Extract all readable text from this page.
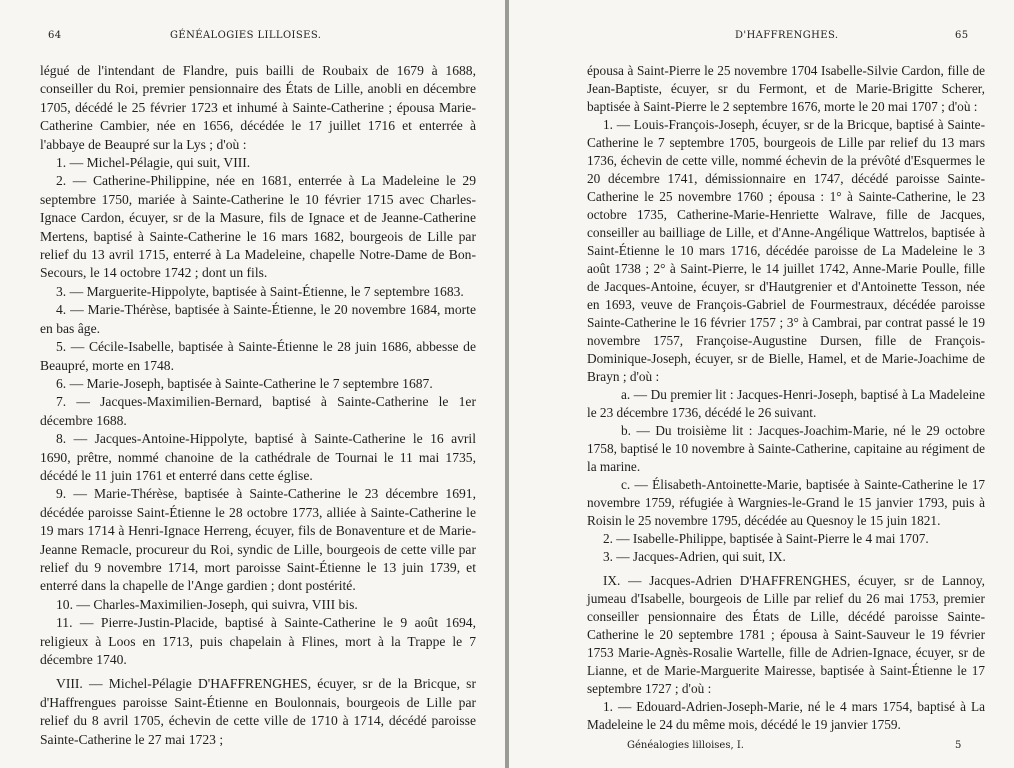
64	GÉNÉALOGIES LILLOISES.

légué de l'intendant de Flandre, puis bailli de Roubaix de 1679 à 1688, conseiller du Roi, premier pensionnaire des États de Lille, anobli en décembre 1705, décédé le 25 février 1723 et inhumé à Sainte-Catherine ; épousa Marie-Catherine Cambier, née en 1656, décédée le 17 juillet 1716 et enterrée à l'abbaye de Beaupré sur la Lys ; d'où :

1. — Michel-Pélagie, qui suit, VIII.

2. — Catherine-Philippine, née en 1681, enterrée à La Madeleine le 29 septembre 1750, mariée à Sainte-Catherine le 10 février 1715 avec Charles-Ignace Cardon, écuyer, sr de la Masure, fils de Ignace et de Jeanne-Catherine Mertens, baptisé à Sainte-Catherine le 16 mars 1682, bourgeois de Lille par relief du 13 avril 1715, enterré à La Madeleine, chapelle Notre-Dame de Bon-Secours, le 14 octobre 1742 ; dont un fils.

3. — Marguerite-Hippolyte, baptisée à Saint-Étienne, le 7 septembre 1683.

4. — Marie-Thérèse, baptisée à Sainte-Étienne, le 20 novembre 1684, morte en bas âge.

5. — Cécile-Isabelle, baptisée à Sainte-Étienne le 28 juin 1686, abbesse de Beaupré, morte en 1748.

6. — Marie-Joseph, baptisée à Sainte-Catherine le 7 septembre 1687.

7. — Jacques-Maximilien-Bernard, baptisé à Sainte-Catherine le 1er décembre 1688.

8. — Jacques-Antoine-Hippolyte, baptisé à Sainte-Catherine le 16 avril 1690, prêtre, nommé chanoine de la cathédrale de Tournai le 11 mai 1735, décédé le 11 juin 1761 et enterré dans cette église.

9. — Marie-Thérèse, baptisée à Sainte-Catherine le 23 décembre 1691, décédée paroisse Saint-Étienne le 28 octobre 1773, alliée à Sainte-Catherine le 19 mars 1714 à Henri-Ignace Herreng, écuyer, fils de Bonaventure et de Marie-Jeanne Remacle, procureur du Roi, syndic de Lille, bourgeois de cette ville par relief du 9 novembre 1714, mort paroisse Saint-Étienne le 13 juin 1739, et enterré dans la chapelle de l'Ange gardien ; dont postérité.

10. — Charles-Maximilien-Joseph, qui suivra, VIII bis.

11. — Pierre-Justin-Placide, baptisé à Sainte-Catherine le 9 août 1694, religieux à Loos en 1713, puis chapelain à Flines, mort à la Trappe le 7 décembre 1740.

VIII. — Michel-Pélagie D'HAFFRENGHES, écuyer, sr de la Bricque, sr d'Haffrengues paroisse Saint-Étienne en Boulonnais, bourgeois de Lille par relief du 8 avril 1705, échevin de cette ville de 1710 à 1714, décédé paroisse Sainte-Catherine le 27 mai 1723 ;

D'HAFFRENGHES.	65

épousa à Saint-Pierre le 25 novembre 1704 Isabelle-Silvie Cardon, fille de Jean-Baptiste, écuyer, sr du Fermont, et de Marie-Brigitte Scherer, baptisée à Saint-Pierre le 2 septembre 1676, morte le 20 mai 1707 ; d'où :

1. — Louis-François-Joseph, écuyer, sr de la Bricque, baptisé à Sainte-Catherine le 7 septembre 1705, bourgeois de Lille par relief du 13 mars 1736, échevin de cette ville, nommé échevin de la prévôté d'Esquermes le 20 décembre 1741, démissionnaire en 1747, décédé paroisse Sainte-Catherine le 25 novembre 1760 ; épousa : 1° à Sainte-Catherine, le 23 octobre 1735, Catherine-Marie-Henriette Walrave, fille de Jacques, conseiller au bailliage de Lille, et d'Anne-Angélique Wattrelos, baptisée à Saint-Étienne le 10 mars 1716, décédée paroisse de La Madeleine le 3 août 1738 ; 2° à Saint-Pierre, le 14 juillet 1742, Anne-Marie Poulle, fille de Jacques-Antoine, écuyer, sr d'Hautgrenier et d'Antoinette Tesson, née en 1693, veuve de François-Gabriel de Fourmestraux, décédée paroisse Sainte-Catherine le 16 février 1757 ; 3° à Cambrai, par contrat passé le 19 novembre 1757, Françoise-Augustine Dursen, fille de François-Dominique-Joseph, écuyer, sr de Bielle, Hamel, et de Marie-Joachime de Brayn ; d'où :

a. — Du premier lit : Jacques-Henri-Joseph, baptisé à La Madeleine le 23 décembre 1736, décédé le 26 suivant.

b. — Du troisième lit : Jacques-Joachim-Marie, né le 29 octobre 1758, baptisé le 10 novembre à Sainte-Catherine, capitaine au régiment de la marine.

c. — Élisabeth-Antoinette-Marie, baptisée à Sainte-Catherine le 17 novembre 1759, réfugiée à Wargnies-le-Grand le 15 janvier 1793, puis à Roisin le 25 novembre 1795, décédée au Quesnoy le 15 juin 1821.

2. — Isabelle-Philippe, baptisée à Saint-Pierre le 4 mai 1707.

3. — Jacques-Adrien, qui suit, IX.

IX. — Jacques-Adrien D'HAFFRENGHES, écuyer, sr de Lannoy, jumeau d'Isabelle, bourgeois de Lille par relief du 26 mai 1753, premier conseiller pensionnaire des États de Lille, décédé paroisse Sainte-Catherine le 20 septembre 1781 ; épousa à Saint-Sauveur le 19 février 1753 Marie-Agnès-Rosalie Wartelle, fille de Adrien-Ignace, écuyer, sr de Lianne, et de Marie-Marguerite Mairesse, baptisée à Saint-Étienne le 17 septembre 1727 ; d'où :

1. — Edouard-Adrien-Joseph-Marie, né le 4 mars 1754, baptisé à La Madeleine le 24 du même mois, décédé le 19 janvier 1759.

Généalogies lilloises, I.	5
